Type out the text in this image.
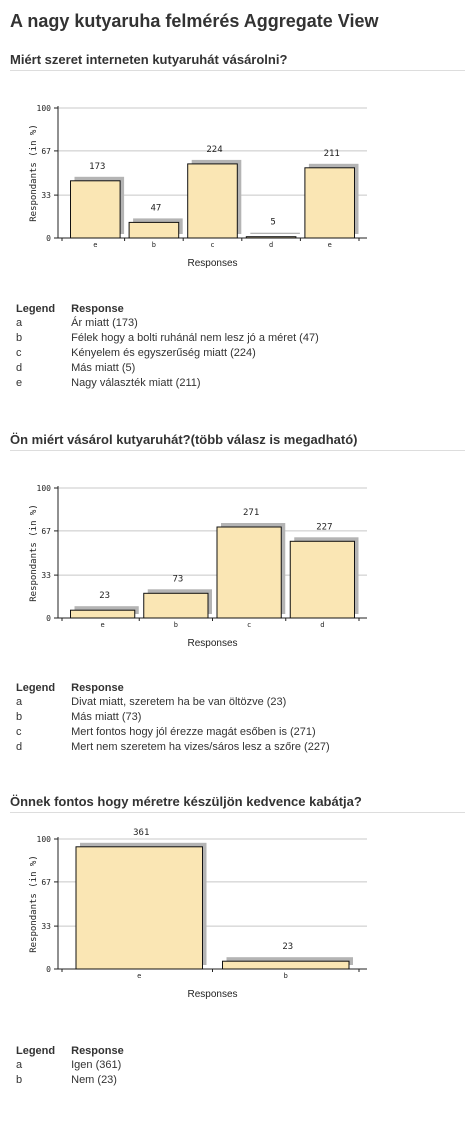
A nagy kutyaruha felmérés Aggregate View
Miért szeret interneten kutyaruhát vásárolni?
0
33
67
100
173
e
47
b
224
c
5
d
211
e
Responses
Respondants (in %)
Legend	Response
a	Ár miatt (173)
b	Félek hogy a bolti ruhánál nem lesz jó a méret (47)
c	Kényelem és egyszerűség miatt (224)
d	Más miatt (5)
e	Nagy választék miatt (211)
Ön miért vásárol kutyaruhát?(több válasz is megadható)
0
33
67
100
23
e
73
b
271
c
227
d
Responses
Respondants (in %)
Legend	Response
a	Divat miatt, szeretem ha be van öltözve (23)
b	Más miatt (73)
c	Mert fontos hogy jól érezze magát esőben is (271)
d	Mert nem szeretem ha vizes/sáros lesz a szőre (227)
Önnek fontos hogy méretre készüljön kedvence kabátja?
0
33
67
100
361
e
23
b
Responses
Respondants (in %)
Legend	Response
a	Igen (361)
b	Nem (23)
